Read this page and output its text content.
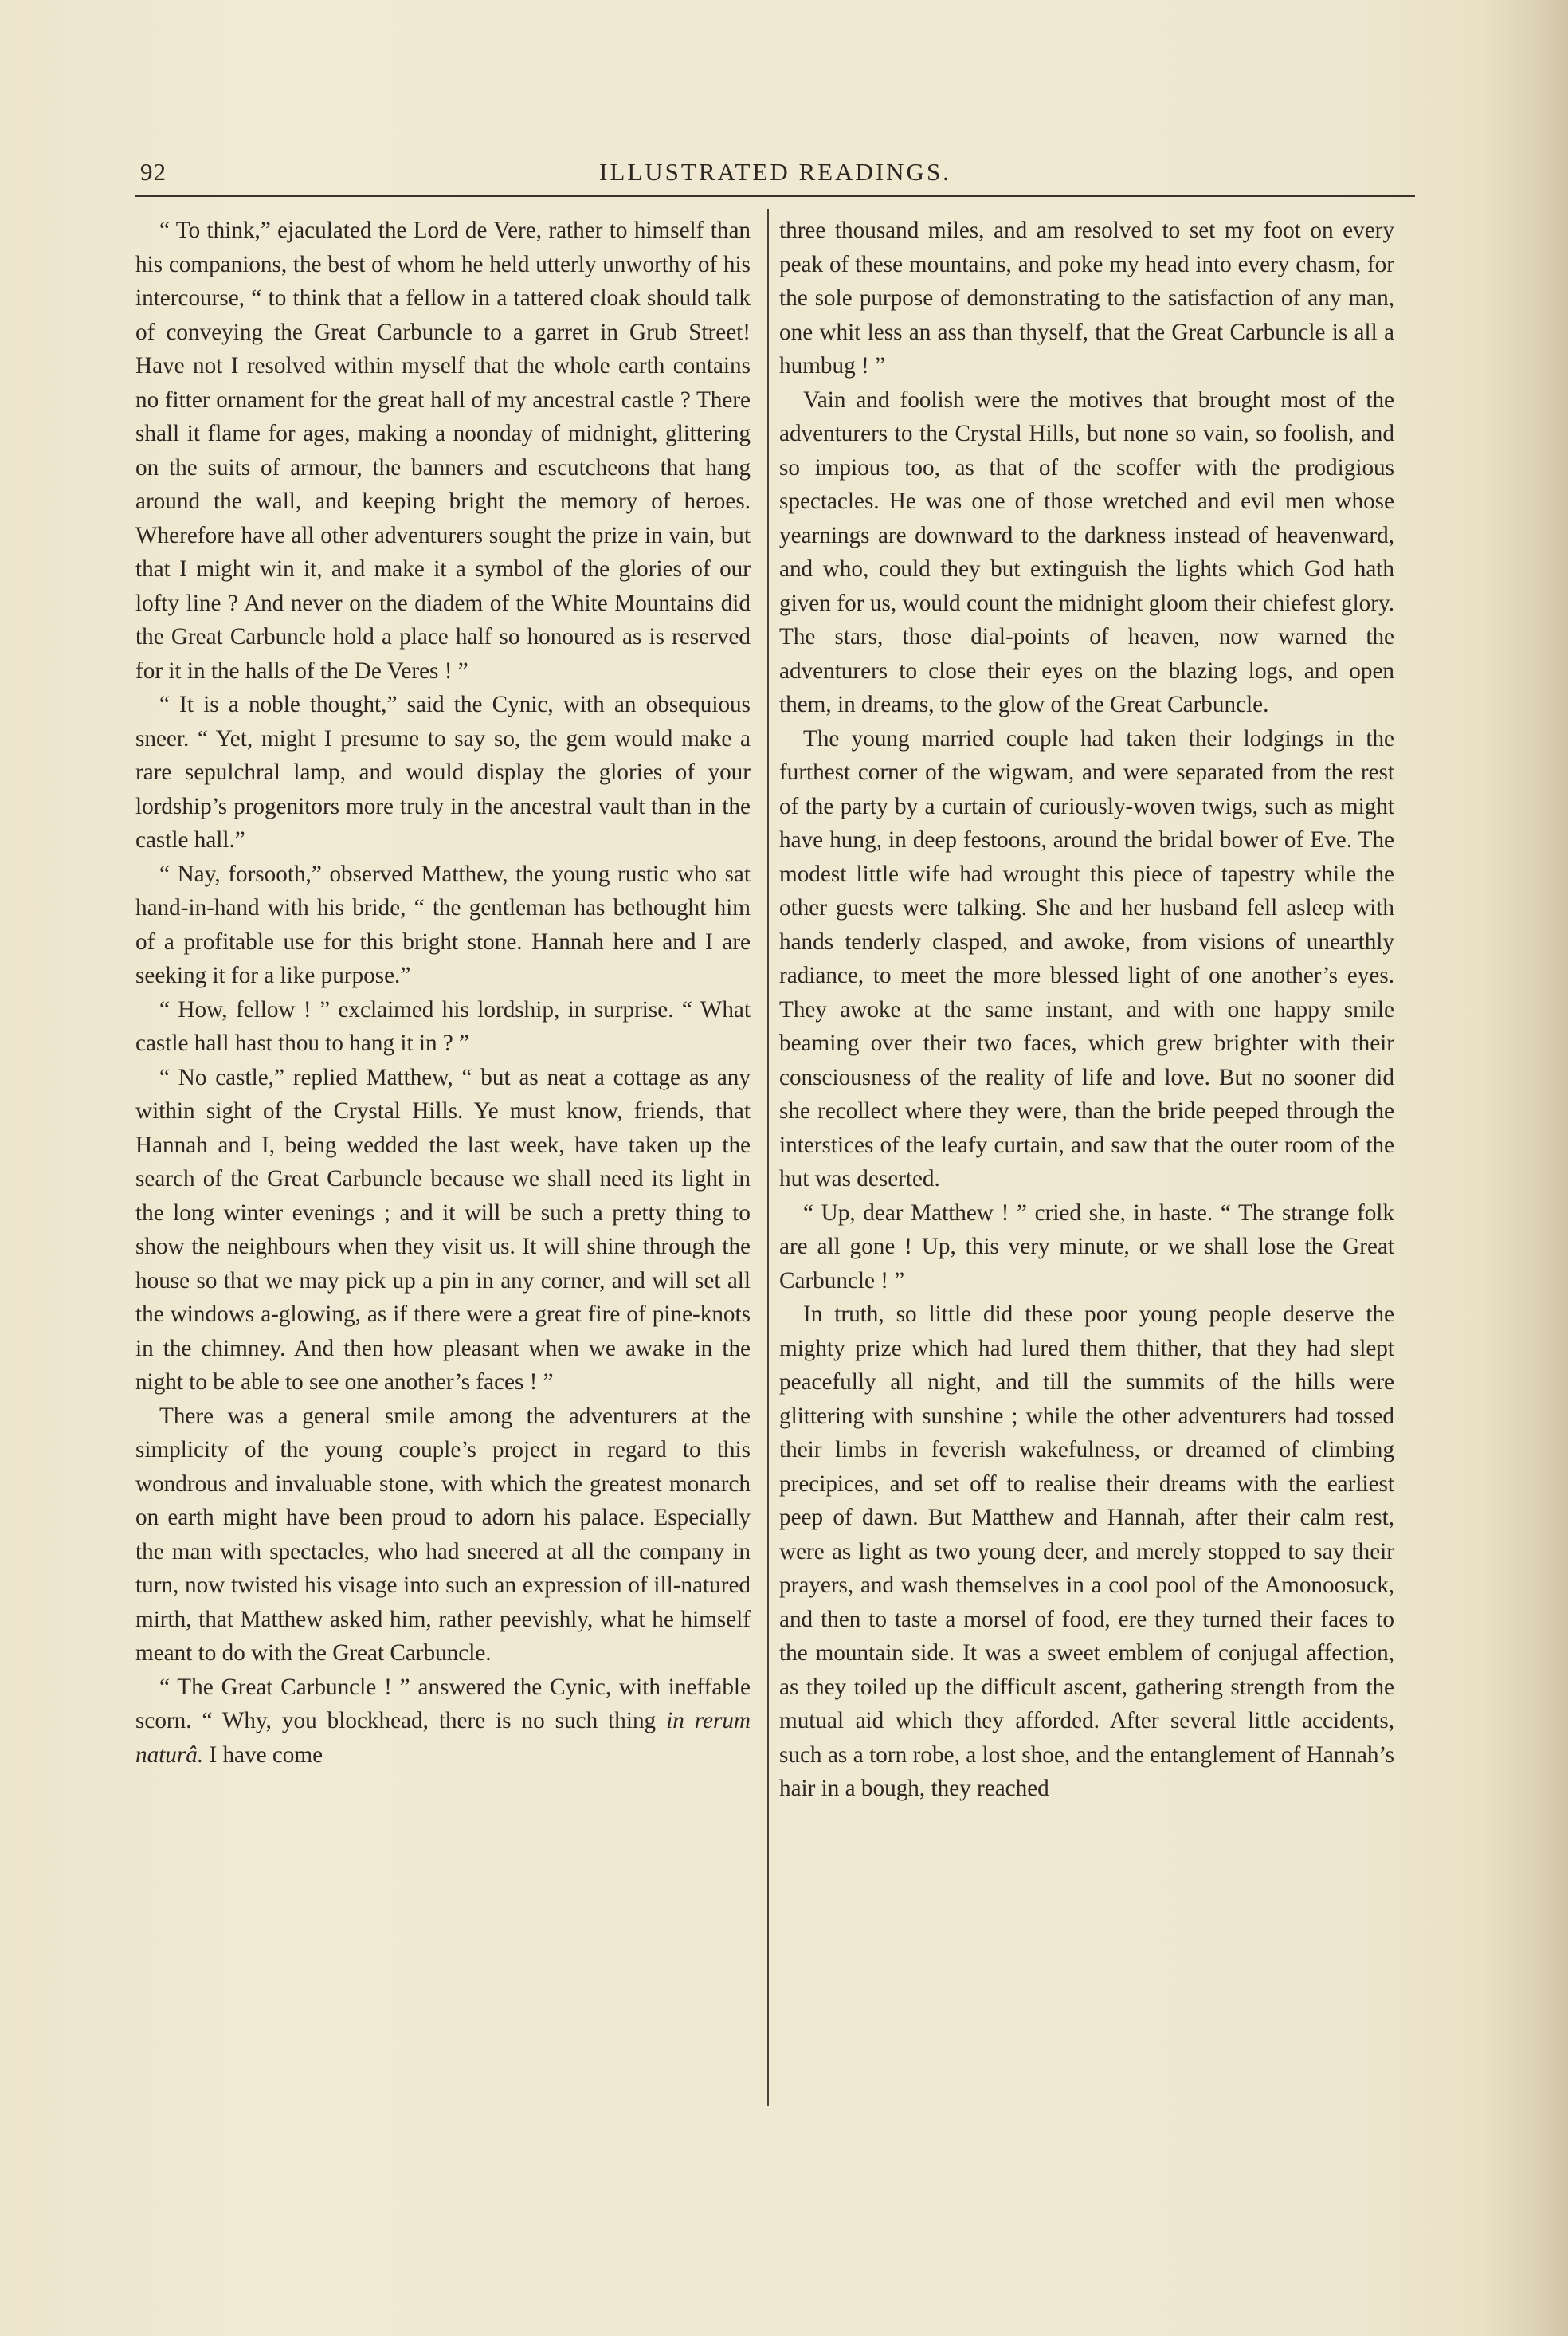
92	ILLUSTRATED READINGS.

“ To think,” ejaculated the Lord de Vere, rather to himself than his companions, the best of whom he held utterly unworthy of his intercourse, “ to think that a fellow in a tattered cloak should talk of conveying the Great Carbuncle to a garret in Grub Street! Have not I resolved within myself that the whole earth contains no fitter ornament for the great hall of my ancestral castle ? There shall it flame for ages, making a noonday of midnight, glittering on the suits of armour, the banners and escutcheons that hang around the wall, and keeping bright the memory of heroes. Wherefore have all other adventurers sought the prize in vain, but that I might win it, and make it a symbol of the glories of our lofty line ? And never on the diadem of the White Mountains did the Great Carbuncle hold a place half so honoured as is reserved for it in the halls of the De Veres ! ”

“ It is a noble thought,” said the Cynic, with an obsequious sneer. “ Yet, might I presume to say so, the gem would make a rare sepulchral lamp, and would display the glories of your lordship’s progenitors more truly in the ancestral vault than in the castle hall.”

“ Nay, forsooth,” observed Matthew, the young rustic who sat hand-in-hand with his bride, “ the gentleman has bethought him of a profitable use for this bright stone. Hannah here and I are seeking it for a like purpose.”

“ How, fellow ! ” exclaimed his lordship, in surprise. “ What castle hall hast thou to hang it in ? ”

“ No castle,” replied Matthew, “ but as neat a cottage as any within sight of the Crystal Hills. Ye must know, friends, that Hannah and I, being wedded the last week, have taken up the search of the Great Carbuncle because we shall need its light in the long winter evenings ; and it will be such a pretty thing to show the neighbours when they visit us. It will shine through the house so that we may pick up a pin in any corner, and will set all the windows a-glowing, as if there were a great fire of pine-knots in the chimney. And then how pleasant when we awake in the night to be able to see one another’s faces ! ”

There was a general smile among the adventurers at the simplicity of the young couple’s project in regard to this wondrous and invaluable stone, with which the greatest monarch on earth might have been proud to adorn his palace. Especially the man with spectacles, who had sneered at all the company in turn, now twisted his visage into such an expression of ill-natured mirth, that Matthew asked him, rather peevishly, what he himself meant to do with the Great Carbuncle.

“ The Great Carbuncle ! ” answered the Cynic, with ineffable scorn. “ Why, you blockhead, there is no such thing in rerum naturâ. I have come

three thousand miles, and am resolved to set my foot on every peak of these mountains, and poke my head into every chasm, for the sole purpose of demonstrating to the satisfaction of any man, one whit less an ass than thyself, that the Great Carbuncle is all a humbug ! ”

Vain and foolish were the motives that brought most of the adventurers to the Crystal Hills, but none so vain, so foolish, and so impious too, as that of the scoffer with the prodigious spectacles. He was one of those wretched and evil men whose yearnings are downward to the darkness instead of heavenward, and who, could they but extinguish the lights which God hath given for us, would count the midnight gloom their chiefest glory. The stars, those dial-points of heaven, now warned the adventurers to close their eyes on the blazing logs, and open them, in dreams, to the glow of the Great Carbuncle.

The young married couple had taken their lodgings in the furthest corner of the wigwam, and were separated from the rest of the party by a curtain of curiously-woven twigs, such as might have hung, in deep festoons, around the bridal bower of Eve. The modest little wife had wrought this piece of tapestry while the other guests were talking. She and her husband fell asleep with hands tenderly clasped, and awoke, from visions of unearthly radiance, to meet the more blessed light of one another’s eyes. They awoke at the same instant, and with one happy smile beaming over their two faces, which grew brighter with their consciousness of the reality of life and love. But no sooner did she recollect where they were, than the bride peeped through the interstices of the leafy curtain, and saw that the outer room of the hut was deserted.

“ Up, dear Matthew ! ” cried she, in haste. “ The strange folk are all gone ! Up, this very minute, or we shall lose the Great Carbuncle ! ”

In truth, so little did these poor young people deserve the mighty prize which had lured them thither, that they had slept peacefully all night, and till the summits of the hills were glittering with sunshine ; while the other adventurers had tossed their limbs in feverish wakefulness, or dreamed of climbing precipices, and set off to realise their dreams with the earliest peep of dawn. But Matthew and Hannah, after their calm rest, were as light as two young deer, and merely stopped to say their prayers, and wash themselves in a cool pool of the Amonoosuck, and then to taste a morsel of food, ere they turned their faces to the mountain side. It was a sweet emblem of conjugal affection, as they toiled up the difficult ascent, gathering strength from the mutual aid which they afforded. After several little accidents, such as a torn robe, a lost shoe, and the entanglement of Hannah’s hair in a bough, they reached
